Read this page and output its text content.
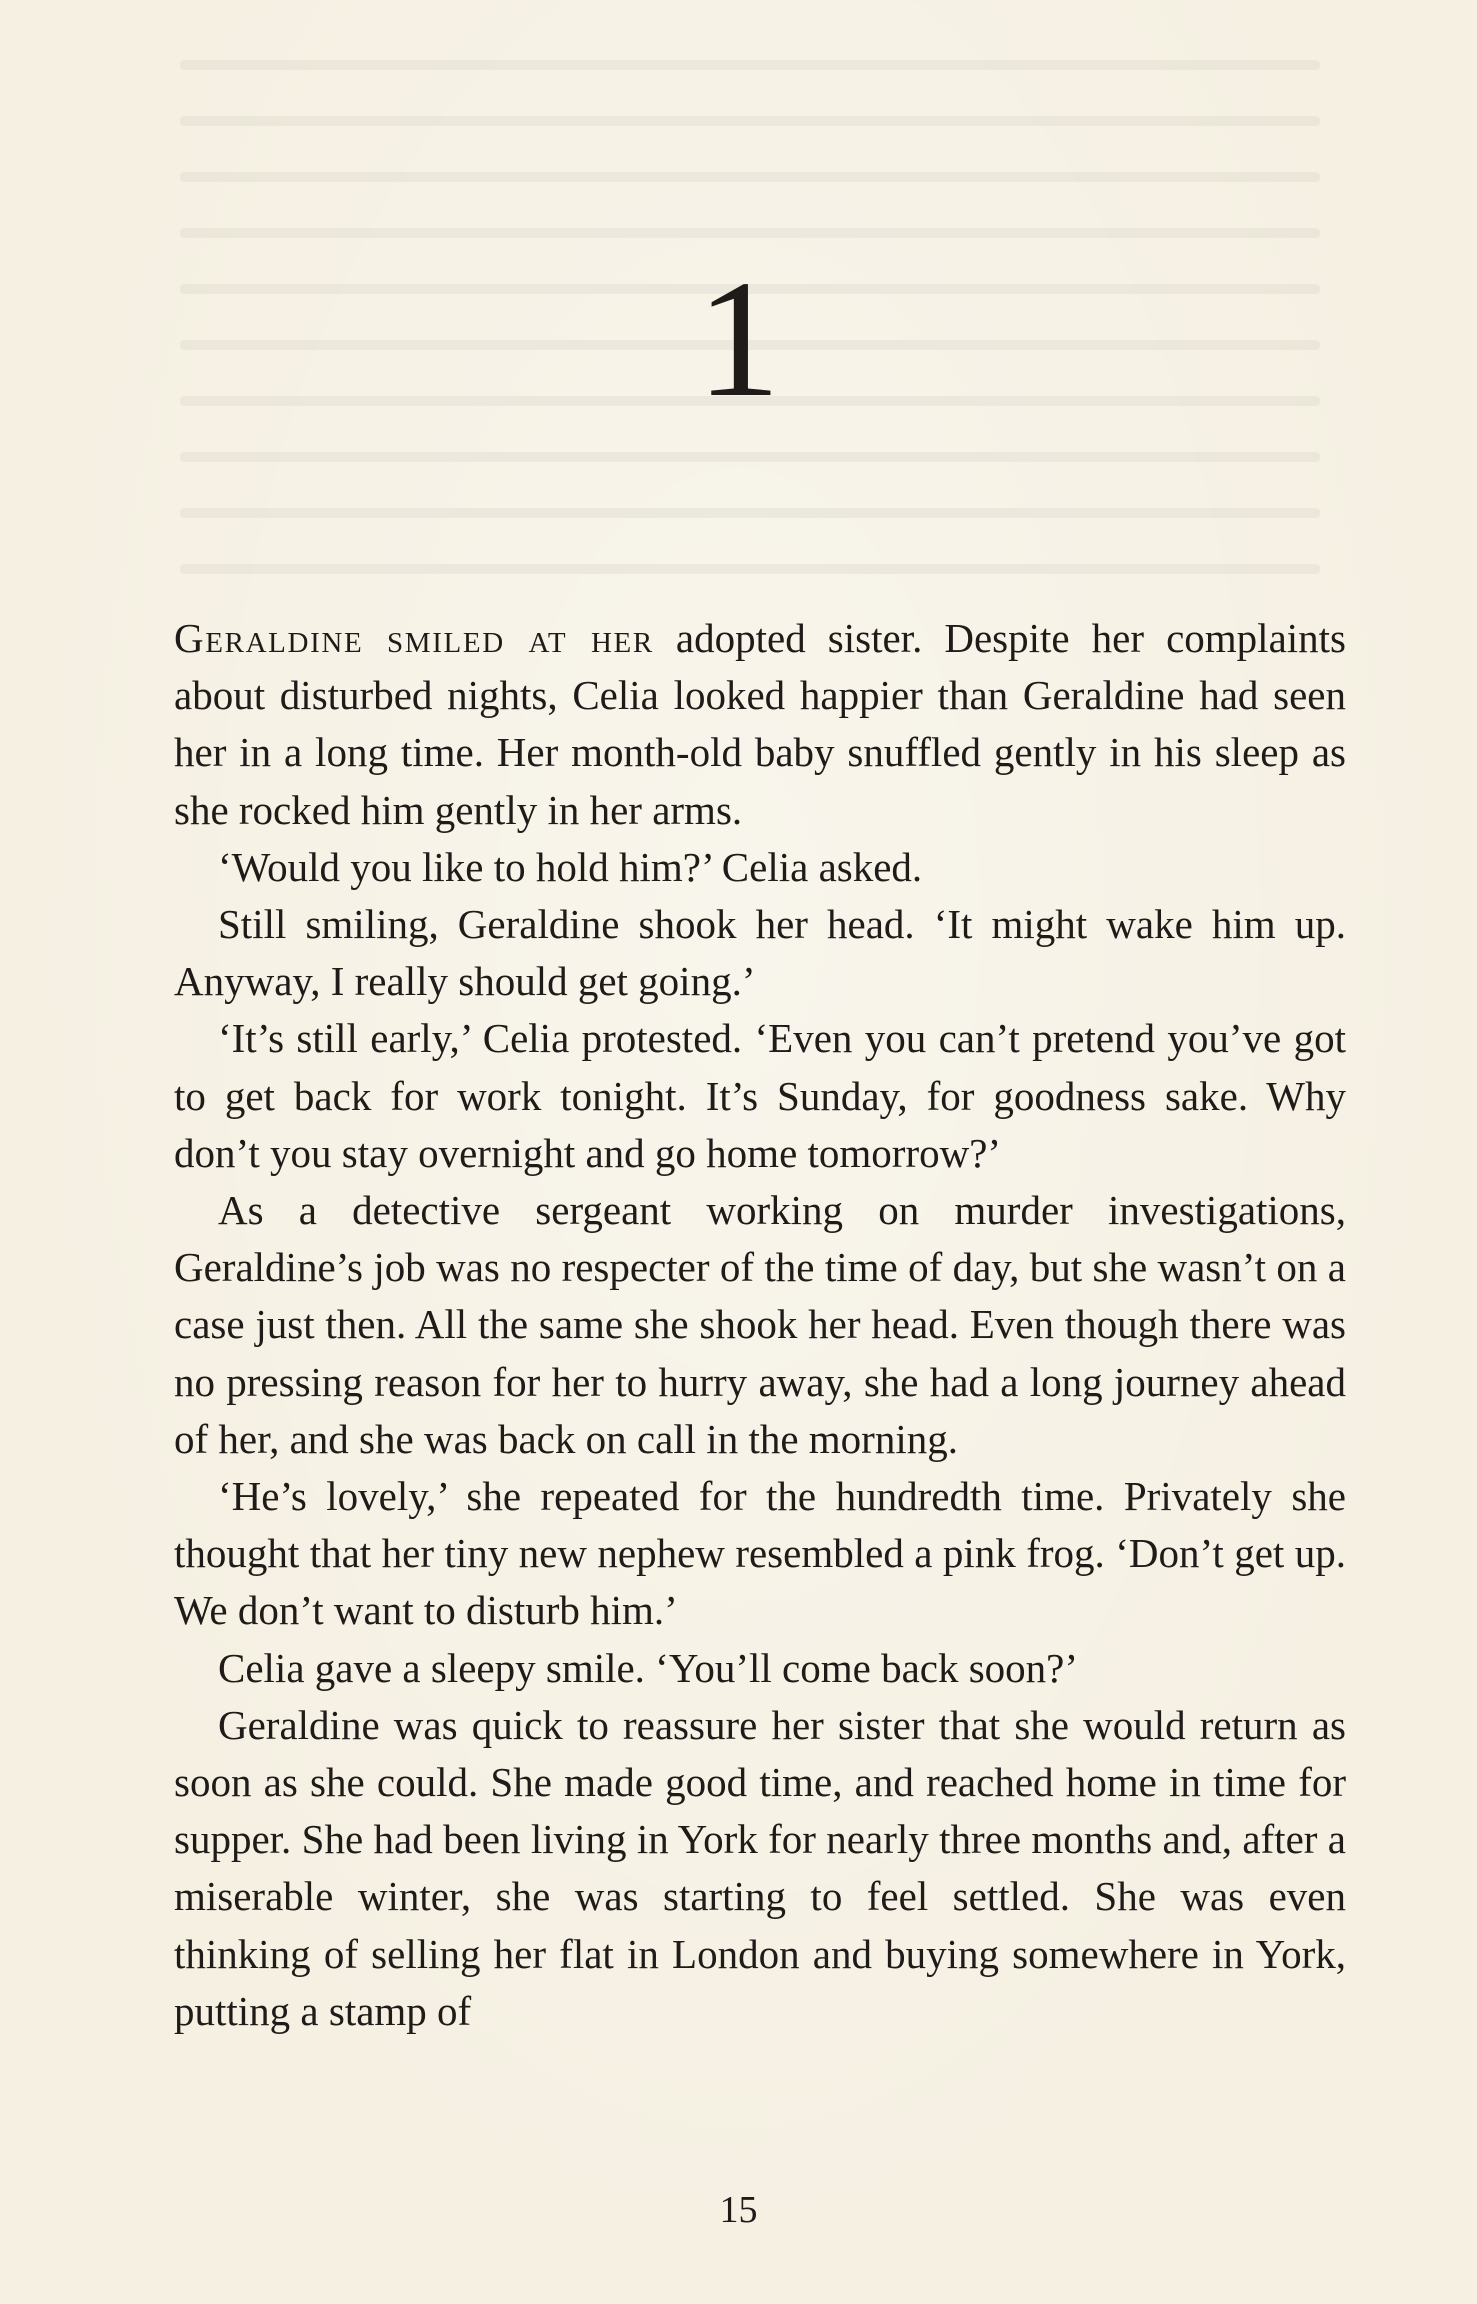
1

Geraldine smiled at her adopted sister. Despite her complaints about disturbed nights, Celia looked happier than Geraldine had seen her in a long time. Her month-old baby snuffled gently in his sleep as she rocked him gently in her arms.

‘Would you like to hold him?’ Celia asked.

Still smiling, Geraldine shook her head. ‘It might wake him up. Anyway, I really should get going.’

‘It’s still early,’ Celia protested. ‘Even you can’t pretend you’ve got to get back for work tonight. It’s Sunday, for goodness sake. Why don’t you stay overnight and go home tomorrow?’

As a detective sergeant working on murder investigations, Geraldine’s job was no respecter of the time of day, but she wasn’t on a case just then. All the same she shook her head. Even though there was no pressing reason for her to hurry away, she had a long journey ahead of her, and she was back on call in the morning.

‘He’s lovely,’ she repeated for the hundredth time. Privately she thought that her tiny new nephew resembled a pink frog. ‘Don’t get up. We don’t want to disturb him.’

Celia gave a sleepy smile. ‘You’ll come back soon?’

Geraldine was quick to reassure her sister that she would return as soon as she could. She made good time, and reached home in time for supper. She had been living in York for nearly three months and, after a miserable winter, she was starting to feel settled. She was even thinking of selling her flat in London and buying somewhere in York, putting a stamp of

15
